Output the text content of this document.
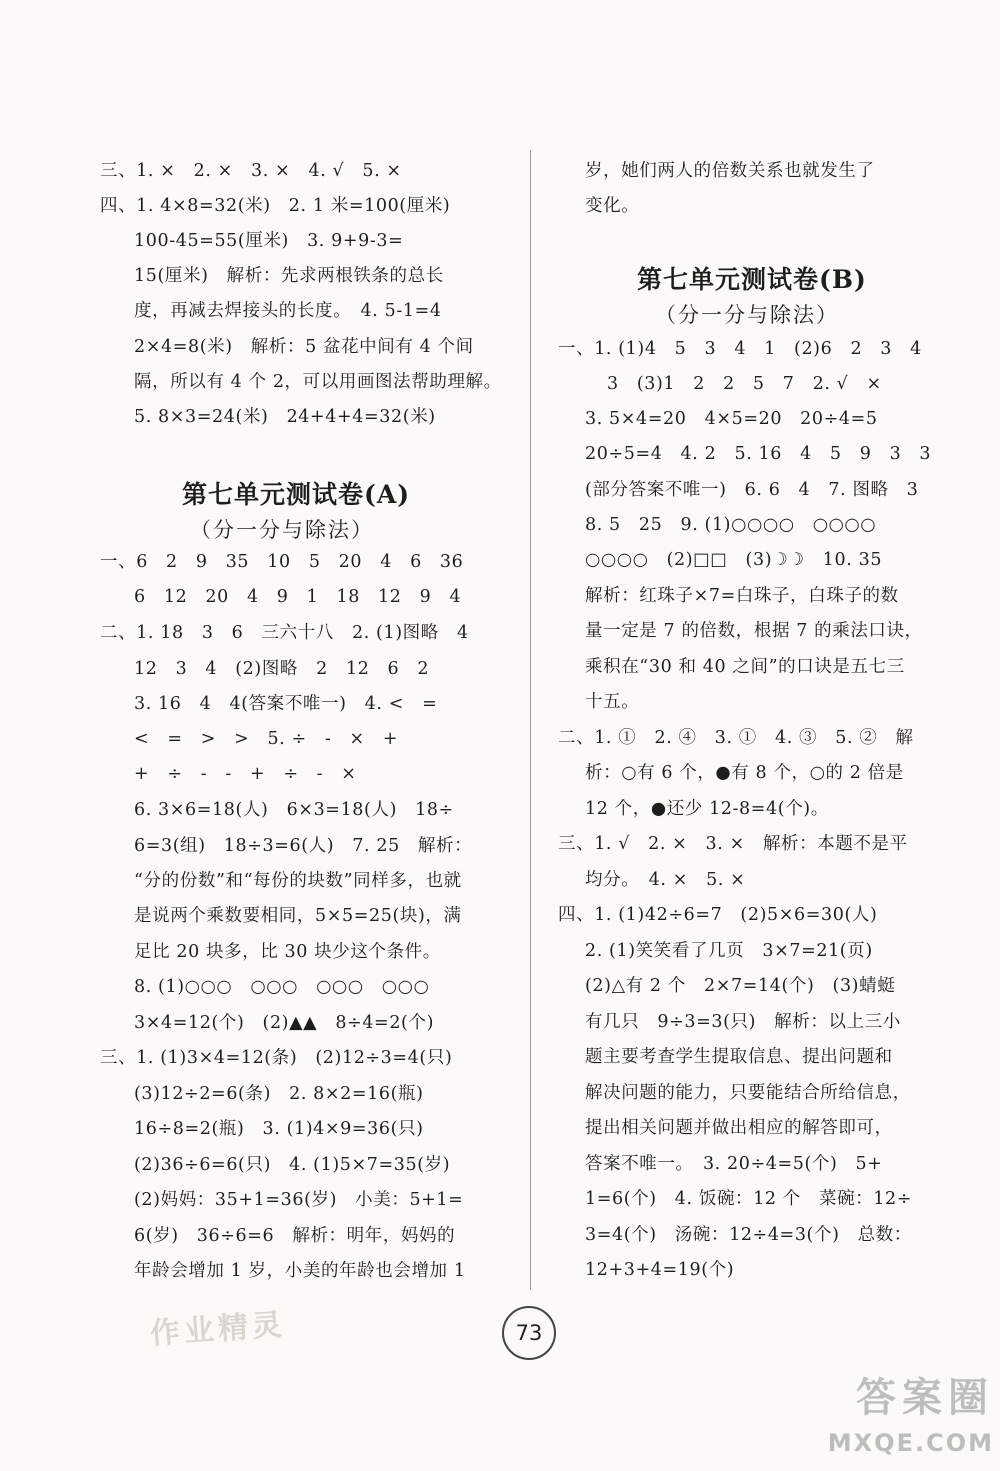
三、1. ×　2. ×　3. ×　4. √　5. ×
四、1. 4×8=32(米)　2. 1 米=100(厘米)
100-45=55(厘米)　3. 9+9-3=
15(厘米)　解析：先求两根铁条的总长
度，再减去焊接头的长度。　4. 5-1=4
2×4=8(米)　解析：5 盆花中间有 4 个间
隔，所以有 4 个 2，可以用画图法帮助理解。
5. 8×3=24(米)　24+4+4=32(米)
第七单元测试卷(A)
（分一分与除法）
一、6　2　9　35　10　5　20　4　6　36
6　12　20　4　9　1　18　12　9　4
二、1. 18　3　6　三六十八　2. (1)图略　4
12　3　4　(2)图略　2　12　6　2
3. 16　4　4(答案不唯一)　4. <　=
<　=　>　>　5. ÷　-　×　+
+　÷　-　-　+　÷　-　×
6. 3×6=18(人)　6×3=18(人)　18÷
6=3(组)　18÷3=6(人)　7. 25　解析：
“分的份数”和“每份的块数”同样多，也就
是说两个乘数要相同，5×5=25(块)，满
足比 20 块多，比 30 块少这个条件。
8. (1)○○○　○○○　○○○　○○○
3×4=12(个)　(2)▲▲　8÷4=2(个)
三、1. (1)3×4=12(条)　(2)12÷3=4(只)
(3)12÷2=6(条)　2. 8×2=16(瓶)
16÷8=2(瓶)　3. (1)4×9=36(只)
(2)36÷6=6(只)　4. (1)5×7=35(岁)
(2)妈妈：35+1=36(岁)　小美：5+1=
6(岁)　36÷6=6　解析：明年，妈妈的
年龄会增加 1 岁，小美的年龄也会增加 1
岁，她们两人的倍数关系也就发生了
变化。
第七单元测试卷(B)
（分一分与除法）
一、1. (1)4　5　3　4　1　(2)6　2　3　4
3　(3)1　2　2　5　7　2. √　×
3. 5×4=20　4×5=20　20÷4=5
20÷5=4　4. 2　5. 16　4　5　9　3　3
(部分答案不唯一)　6. 6　4　7. 图略　3
8. 5　25　9. (1)○○○○　○○○○
○○○○　(2)□□　(3)☽☽　10. 35
解析：红珠子×7=白珠子，白珠子的数
量一定是 7 的倍数，根据 7 的乘法口诀，
乘积在“30 和 40 之间”的口诀是五七三
十五。
二、1. ①　2. ④　3. ①　4. ③　5. ②　解
析：○有 6 个，●有 8 个，○的 2 倍是
12 个，●还少 12-8=4(个)。
三、1. √　2. ×　3. ×　解析：本题不是平
均分。　4. ×　5. ×
四、1. (1)42÷6=7　(2)5×6=30(人)
2. (1)笑笑看了几页　3×7=21(页)
(2)△有 2 个　2×7=14(个)　(3)蜻蜓
有几只　9÷3=3(只)　解析：以上三小
题主要考查学生提取信息、提出问题和
解决问题的能力，只要能结合所给信息，
提出相关问题并做出相应的解答即可，
答案不唯一。　3. 20÷4=5(个)　5+
1=6(个)　4. 饭碗：12 个　菜碗：12÷
3=4(个)　汤碗：12÷4=3(个)　总数：
12+3+4=19(个)
作业精灵	73
答案圈
MXQE.COM
